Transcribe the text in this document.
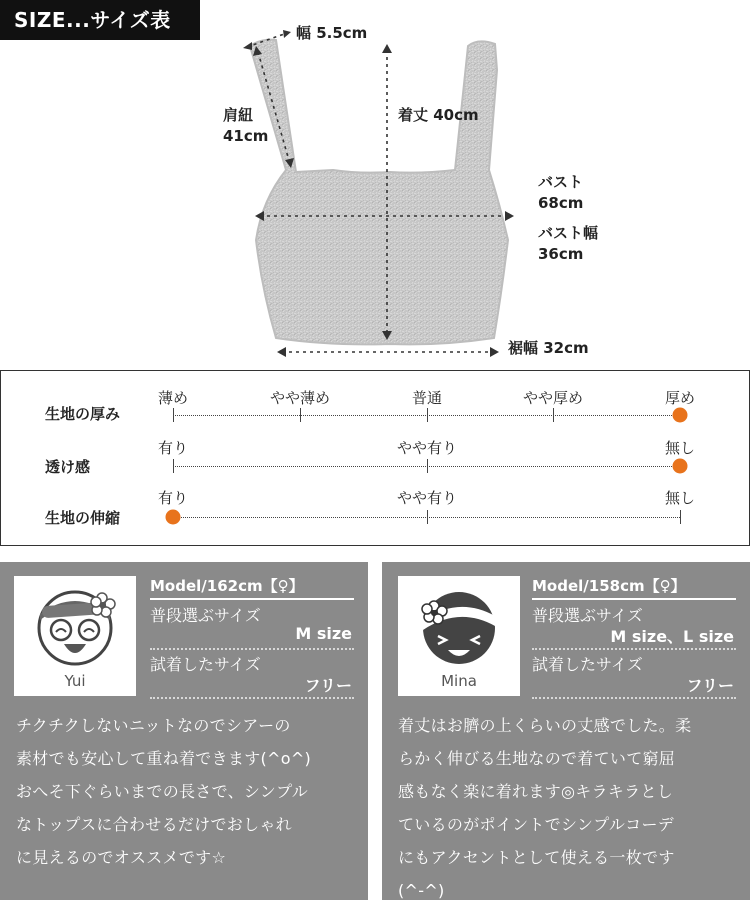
SIZE...サイズ表
幅 5.5cm
肩紐
41cm
着丈 40cm
バスト
68cm
バスト幅
36cm
裾幅 32cm
生地の厚み
薄め	やや薄め	普通	やや厚め	厚め
透け感
有り	やや有り	無し
生地の伸縮
有り	やや有り	無し
Yui
Model/162cm【♀】
普段選ぶサイズ
M size
試着したサイズ
フリー

チクチクしないニットなのでシアーの

素材でも安心して重ね着できます(^o^)

おへそ下ぐらいまでの長さで、シンプル

なトップスに合わせるだけでおしゃれ

に見えるのでオススメです☆

Mina
Model/158cm【♀】
普段選ぶサイズ
M size、L size
試着したサイズ
フリー

着丈はお臍の上くらいの丈感でした。柔

らかく伸びる生地なので着ていて窮屈

感もなく楽に着れます◎キラキラとし

ているのがポイントでシンプルコーデ

にもアクセントとして使える一枚です

(^-^)
